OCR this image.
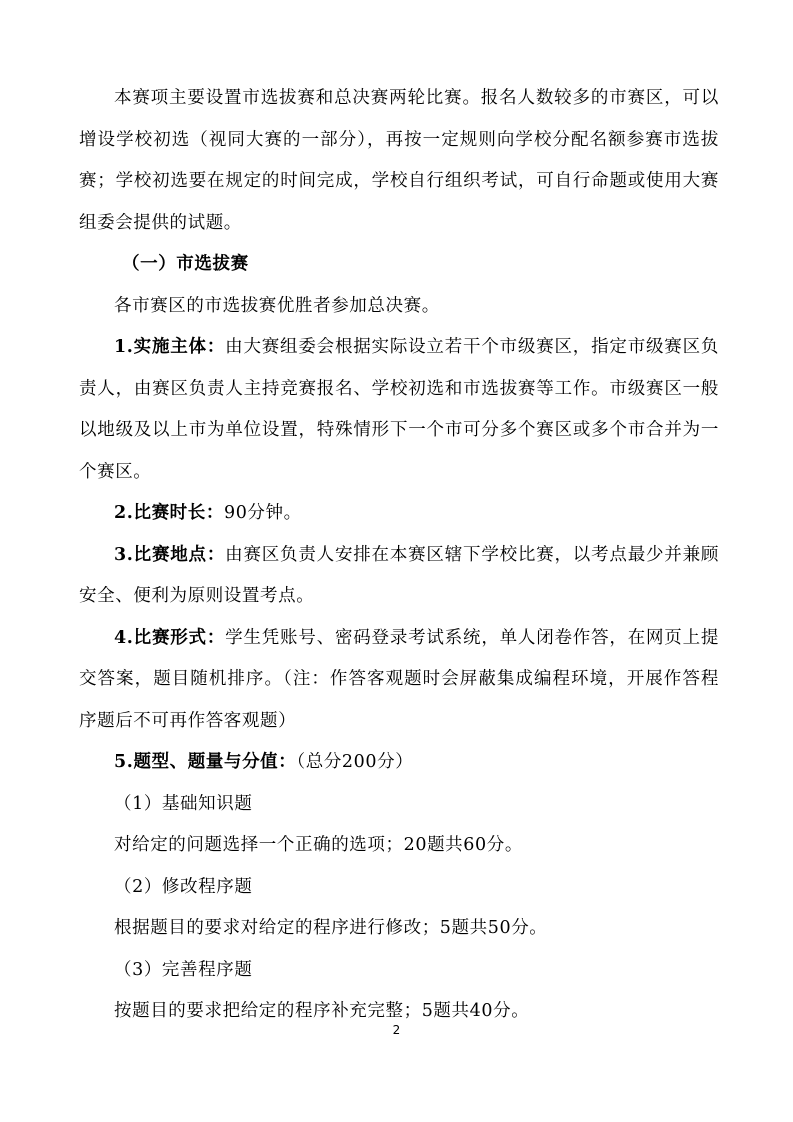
本赛项主要设置市选拔赛和总决赛两轮比赛。报名人数较多的市赛区，可以增设学校初选（视同大赛的一部分），再按一定规则向学校分配名额参赛市选拔赛；学校初选要在规定的时间完成，学校自行组织考试，可自行命题或使用大赛组委会提供的试题。

（一）市选拔赛

各市赛区的市选拔赛优胜者参加总决赛。

1.实施主体：由大赛组委会根据实际设立若干个市级赛区，指定市级赛区负责人，由赛区负责人主持竞赛报名、学校初选和市选拔赛等工作。市级赛区一般以地级及以上市为单位设置，特殊情形下一个市可分多个赛区或多个市合并为一个赛区。

2.比赛时长：90分钟。

3.比赛地点：由赛区负责人安排在本赛区辖下学校比赛，以考点最少并兼顾安全、便利为原则设置考点。

4.比赛形式：学生凭账号、密码登录考试系统，单人闭卷作答，在网页上提交答案，题目随机排序。（注：作答客观题时会屏蔽集成编程环境，开展作答程序题后不可再作答客观题）

5.题型、题量与分值：（总分200分）

（1）基础知识题

对给定的问题选择一个正确的选项；20题共60分。

（2）修改程序题

根据题目的要求对给定的程序进行修改；5题共50分。

（3）完善程序题

按题目的要求把给定的程序补充完整；5题共40分。

2
